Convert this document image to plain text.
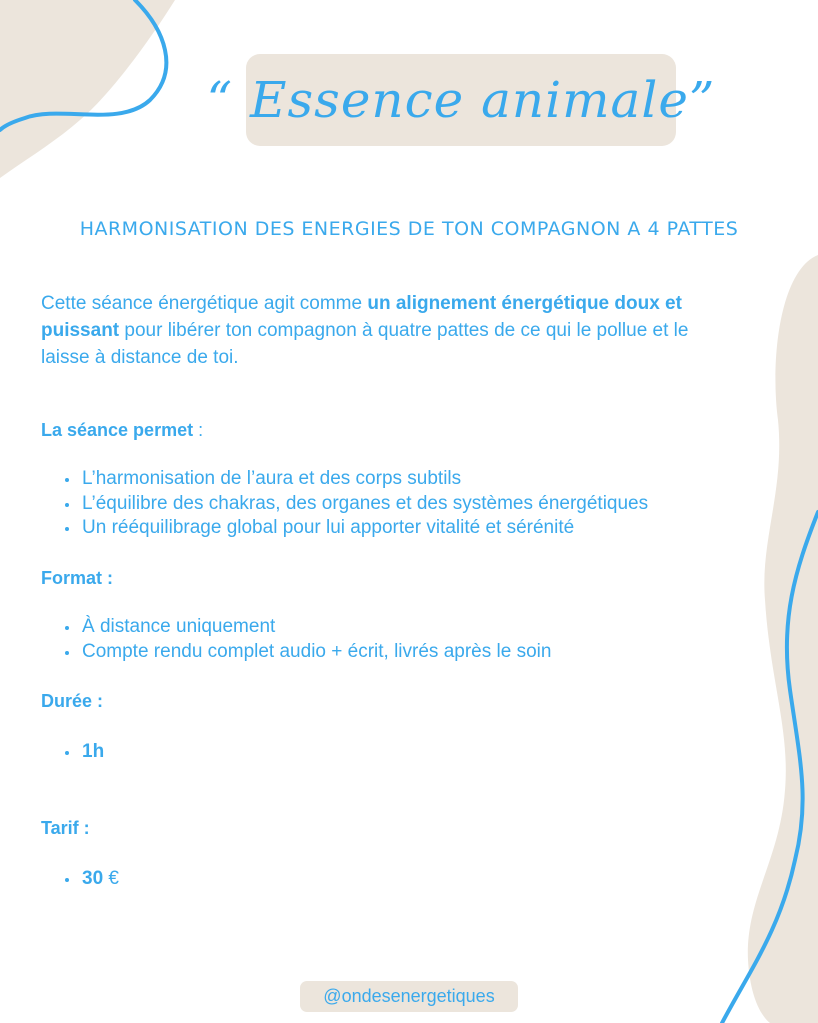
“ Essence animale”
HARMONISATION DES ENERGIES DE TON COMPAGNON A 4 PATTES
Cette séance énergétique agit comme un alignement énergétique doux et puissant pour libérer ton compagnon à quatre pattes de ce qui le pollue et le laisse à distance de toi.
La séance permet :
• L’harmonisation de l’aura et des corps subtils
• L’équilibre des chakras, des organes et des systèmes énergétiques
• Un rééquilibrage global pour lui apporter vitalité et sérénité
Format :
• À distance uniquement
• Compte rendu complet audio + écrit, livrés après le soin
Durée :
• 1h
Tarif :
• 30 €
@ondesenergetiques
